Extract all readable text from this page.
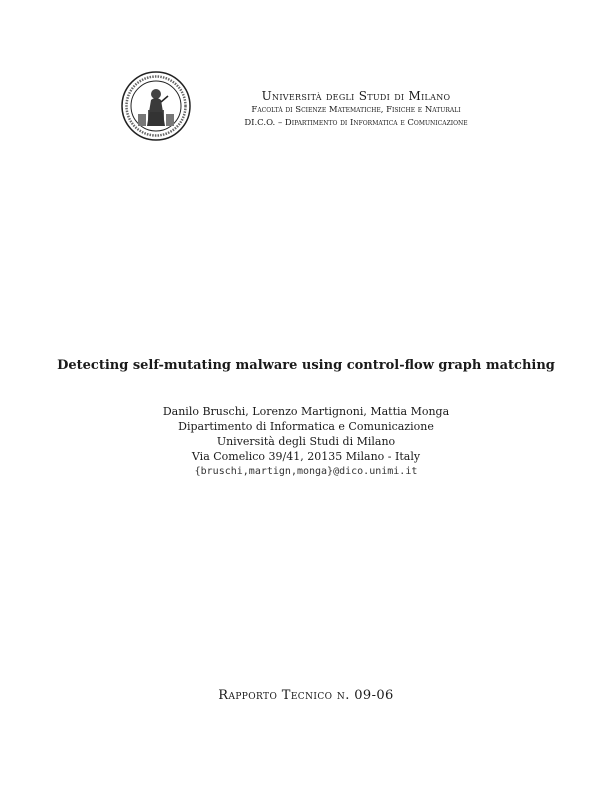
Università degli Studi di Milano
Facoltà di Scienze Matematiche, Fisiche e Naturali
DI.C.O. – Dipartimento di Informatica e Comunicazione
Detecting self-mutating malware using control-flow graph matching
Danilo Bruschi, Lorenzo Martignoni, Mattia Monga
Dipartimento di Informatica e Comunicazione
Università degli Studi di Milano
Via Comelico 39/41, 20135 Milano - Italy
{bruschi,martign,monga}@dico.unimi.it
Rapporto Tecnico n. 09-06
